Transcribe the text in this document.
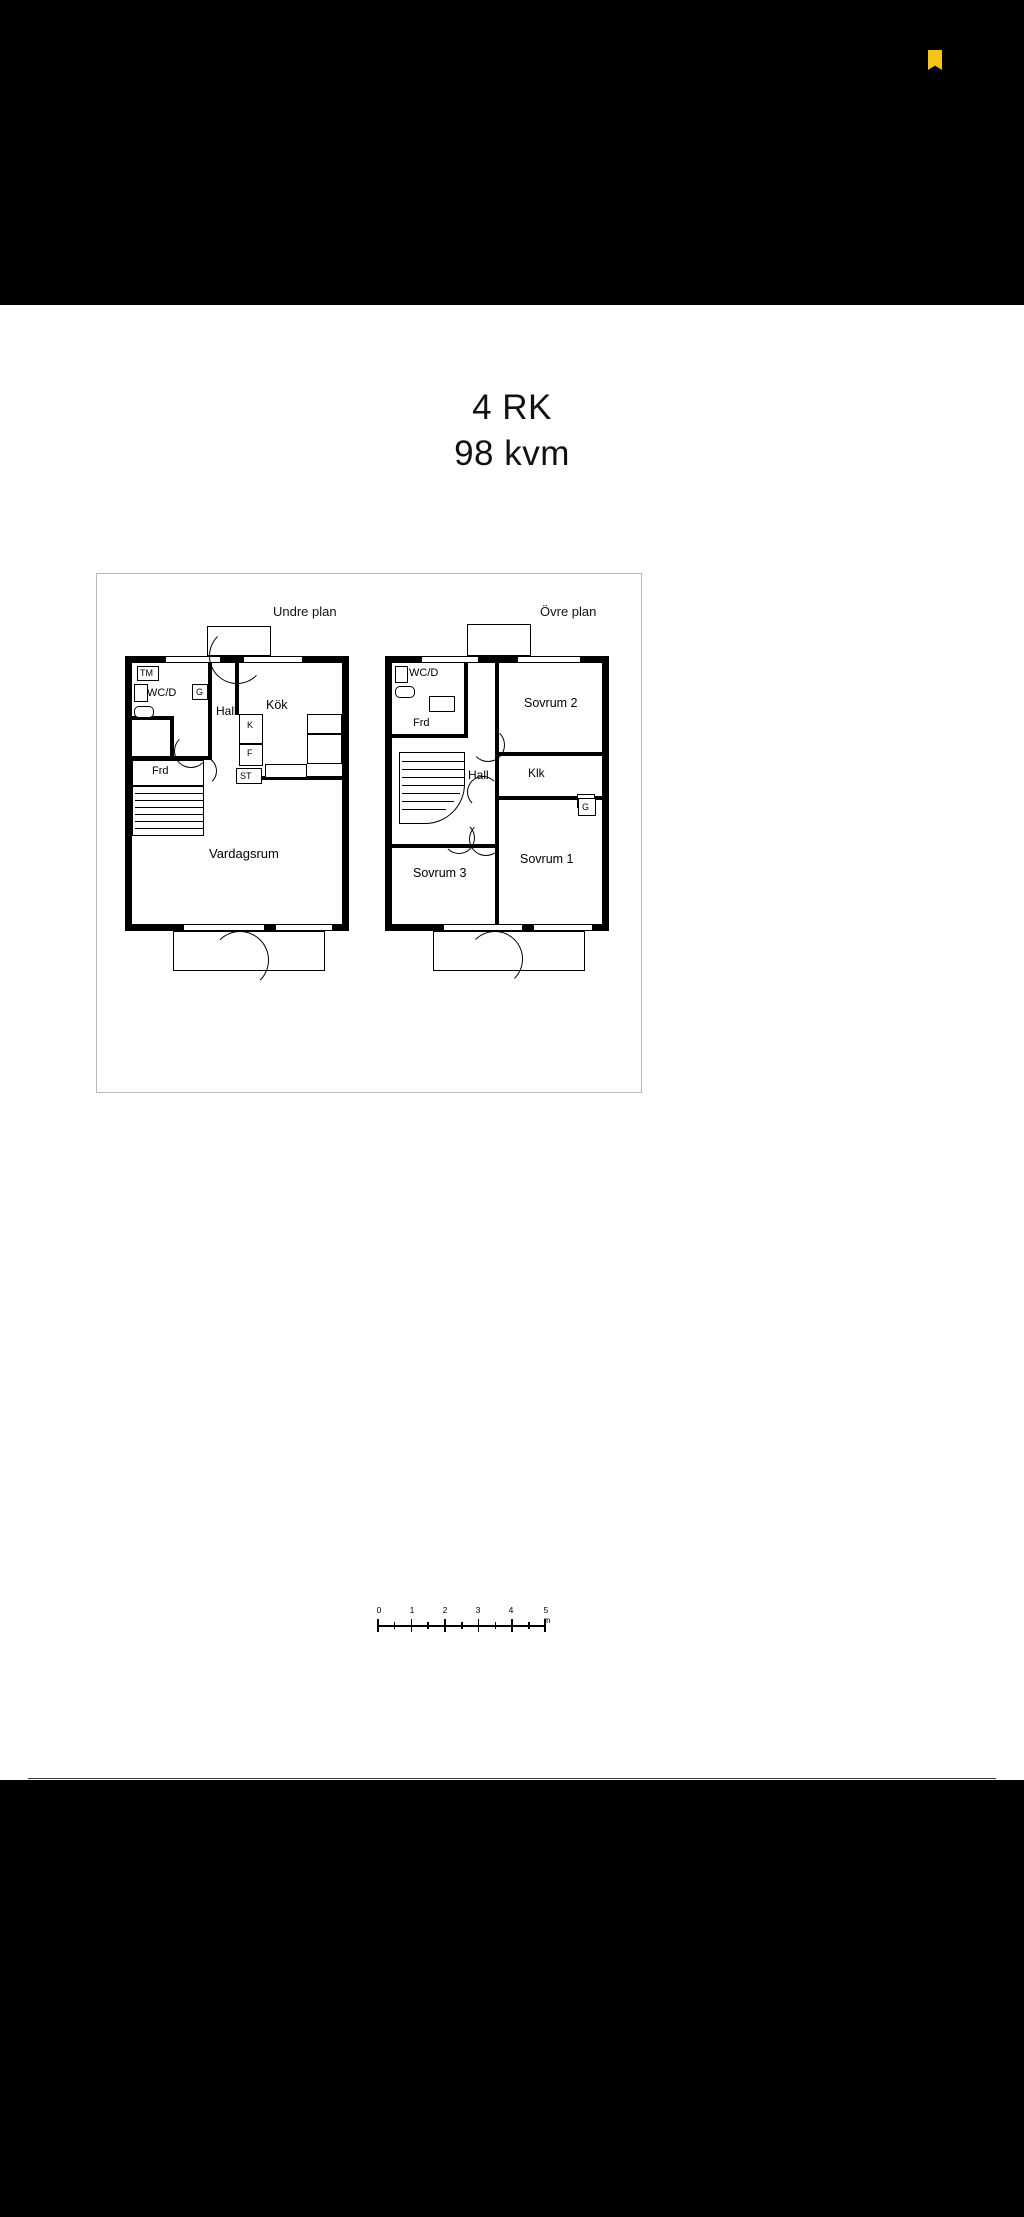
4 RK
98 kvm
Undre plan	Övre plan
TM
WC/D G
Hall
Frd
Kök
K
F
ST
Vardagsrum
WC/D
Frd
Hall
Sovrum 2
Klk
Sovrum 1
Sovrum 3
G
0	1	2	3	4	5 m
